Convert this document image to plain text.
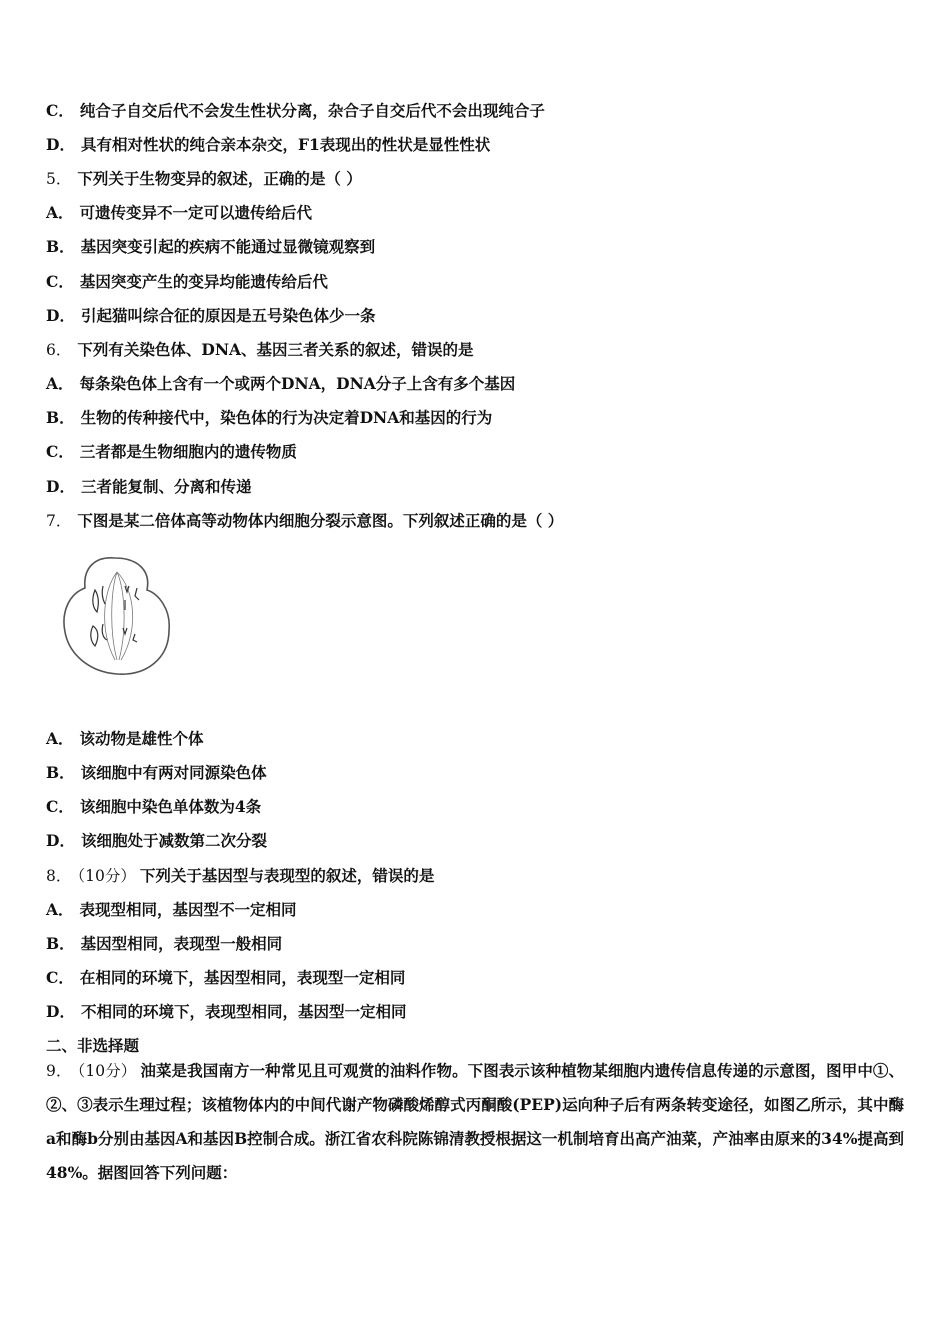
C． 纯合子自交后代不会发生性状分离，杂合子自交后代不会出现纯合子
D． 具有相对性状的纯合亲本杂交，F1表现出的性状是显性性状
5． 下列关于生物变异的叙述，正确的是（ ）
A． 可遗传变异不一定可以遗传给后代
B． 基因突变引起的疾病不能通过显微镜观察到
C． 基因突变产生的变异均能遗传给后代
D． 引起猫叫综合征的原因是五号染色体少一条
6． 下列有关染色体、DNA、基因三者关系的叙述，错误的是
A． 每条染色体上含有一个或两个DNA，DNA分子上含有多个基因
B． 生物的传种接代中，染色体的行为决定着DNA和基因的行为
C． 三者都是生物细胞内的遗传物质
D． 三者能复制、分离和传递
7． 下图是某二倍体高等动物体内细胞分裂示意图。下列叙述正确的是（ ）
A． 该动物是雄性个体
B． 该细胞中有两对同源染色体
C． 该细胞中染色单体数为4条
D． 该细胞处于减数第二次分裂
8． （10分） 下列关于基因型与表现型的叙述，错误的是
A． 表现型相同，基因型不一定相同
B． 基因型相同，表现型一般相同
C． 在相同的环境下，基因型相同，表现型一定相同
D． 不相同的环境下，表现型相同，基因型一定相同
二、非选择题
9． （10分） 油菜是我国南方一种常见且可观赏的油料作物。下图表示该种植物某细胞内遗传信息传递的示意图，图甲中①、②、③表示生理过程；该植物体内的中间代谢产物磷酸烯醇式丙酮酸(PEP)运向种子后有两条转变途径，如图乙所示，其中酶a和酶b分别由基因A和基因B控制合成。浙江省农科院陈锦清教授根据这一机制培育出高产油菜，产油率由原来的34%提高到48%。据图回答下列问题：
